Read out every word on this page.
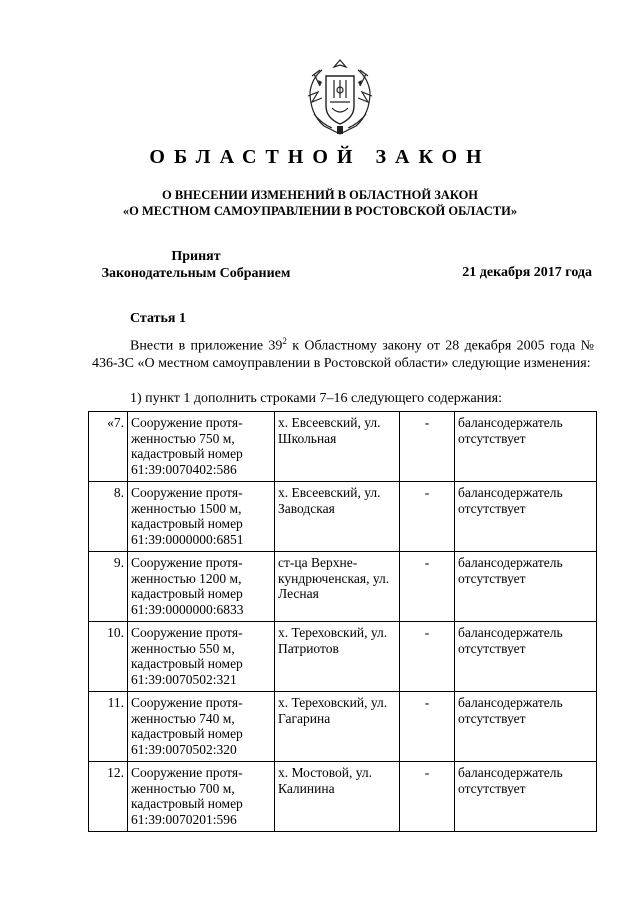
ОБЛАСТНОЙ ЗАКОН
О ВНЕСЕНИИ ИЗМЕНЕНИЙ В ОБЛАСТНОЙ ЗАКОН
«О МЕСТНОМ САМОУПРАВЛЕНИИ В РОСТОВСКОЙ ОБЛАСТИ»
Принят
Законодательным Собранием	21 декабря 2017 года
Статья 1
Внести в приложение $39^2$ к Областному закону от 28 декабря 2005 года № 436-ЗС «О местном самоуправлении в Ростовской области» следующие изменения:
1) пункт 1 дополнить строками 7–16 следующего содержания:
«7.	Сооружение протя-женностью 750 м, кадастровый номер 61:39:0070402:586	х. Евсеевский, ул. Школьная	-	балансодержатель отсутствует
8.	Сооружение протя-женностью 1500 м, кадастровый номер 61:39:0000000:6851	х. Евсеевский, ул. Заводская	-	балансодержатель отсутствует
9.	Сооружение протя-женностью 1200 м, кадастровый номер 61:39:0000000:6833	ст-ца Верхне-кундрюченская, ул. Лесная	-	балансодержатель отсутствует
10.	Сооружение протя-женностью 550 м, кадастровый номер 61:39:0070502:321	х. Тереховский, ул. Патриотов	-	балансодержатель отсутствует
11.	Сооружение протя-женностью 740 м, кадастровый номер 61:39:0070502:320	х. Тереховский, ул. Гагарина	-	балансодержатель отсутствует
12.	Сооружение протя-женностью 700 м, кадастровый номер 61:39:0070201:596	х. Мостовой, ул. Калинина	-	балансодержатель отсутствует
